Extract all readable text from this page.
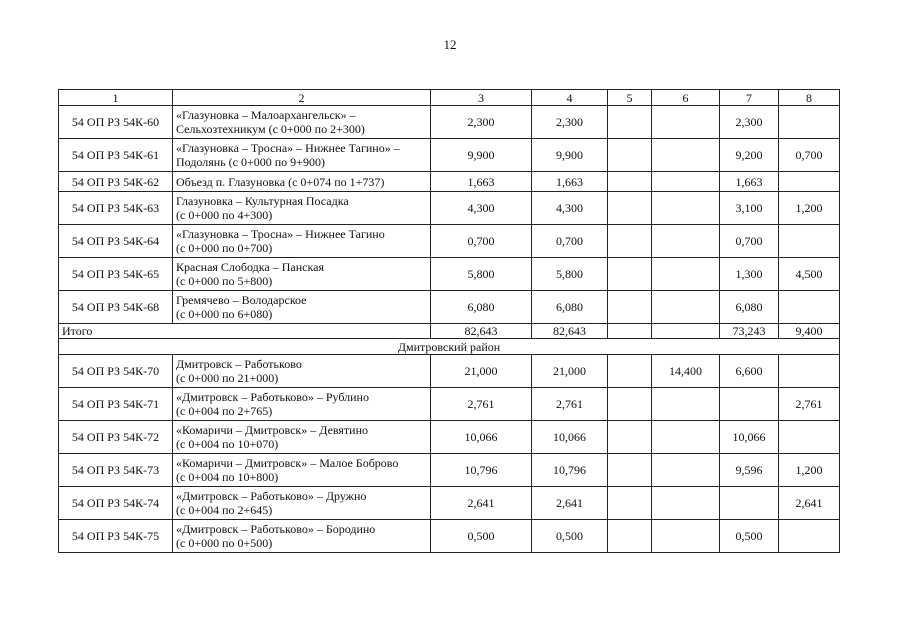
12
1	2	3	4	5	6	7	8
54 ОП РЗ 54К-60	«Глазуновка – Малоархангельск» –
Сельхозтехникум (с 0+000 по 2+300)	2,300	2,300			2,300	
54 ОП РЗ 54К-61	«Глазуновка – Тросна» – Нижнее Тагино» –
Подолянь (с 0+000 по 9+900)	9,900	9,900			9,200	0,700
54 ОП РЗ 54К-62	Объезд п. Глазуновка (с 0+074 по 1+737)	1,663	1,663			1,663	
54 ОП РЗ 54К-63	Глазуновка – Культурная Посадка
(с 0+000 по 4+300)	4,300	4,300			3,100	1,200
54 ОП РЗ 54К-64	«Глазуновка – Тросна» – Нижнее Тагино
(с 0+000 по 0+700)	0,700	0,700			0,700	
54 ОП РЗ 54К-65	Красная Слободка – Панская
(с 0+000 по 5+800)	5,800	5,800			1,300	4,500
54 ОП РЗ 54К-68	Гремячево – Володарское
(с 0+000 по 6+080)	6,080	6,080			6,080	
Итого		82,643	82,643			73,243	9,400
Дмитровский район							
54 ОП РЗ 54К-70	Дмитровск – Работьково
(с 0+000 по 21+000)	21,000	21,000		14,400	6,600	
54 ОП РЗ 54К-71	«Дмитровск – Работьково» – Рублино
(с 0+004 по 2+765)	2,761	2,761				2,761
54 ОП РЗ 54К-72	«Комаричи – Дмитровск» – Девятино
(с 0+004 по 10+070)	10,066	10,066			10,066	
54 ОП РЗ 54К-73	«Комаричи – Дмитровск» – Малое Боброво
(с 0+004 по 10+800)	10,796	10,796			9,596	1,200
54 ОП РЗ 54К-74	«Дмитровск – Работьково» – Дружно
(с 0+004 по 2+645)	2,641	2,641				2,641
54 ОП РЗ 54К-75	«Дмитровск – Работьково» – Бородино
(с 0+000 по 0+500)	0,500	0,500			0,500	
